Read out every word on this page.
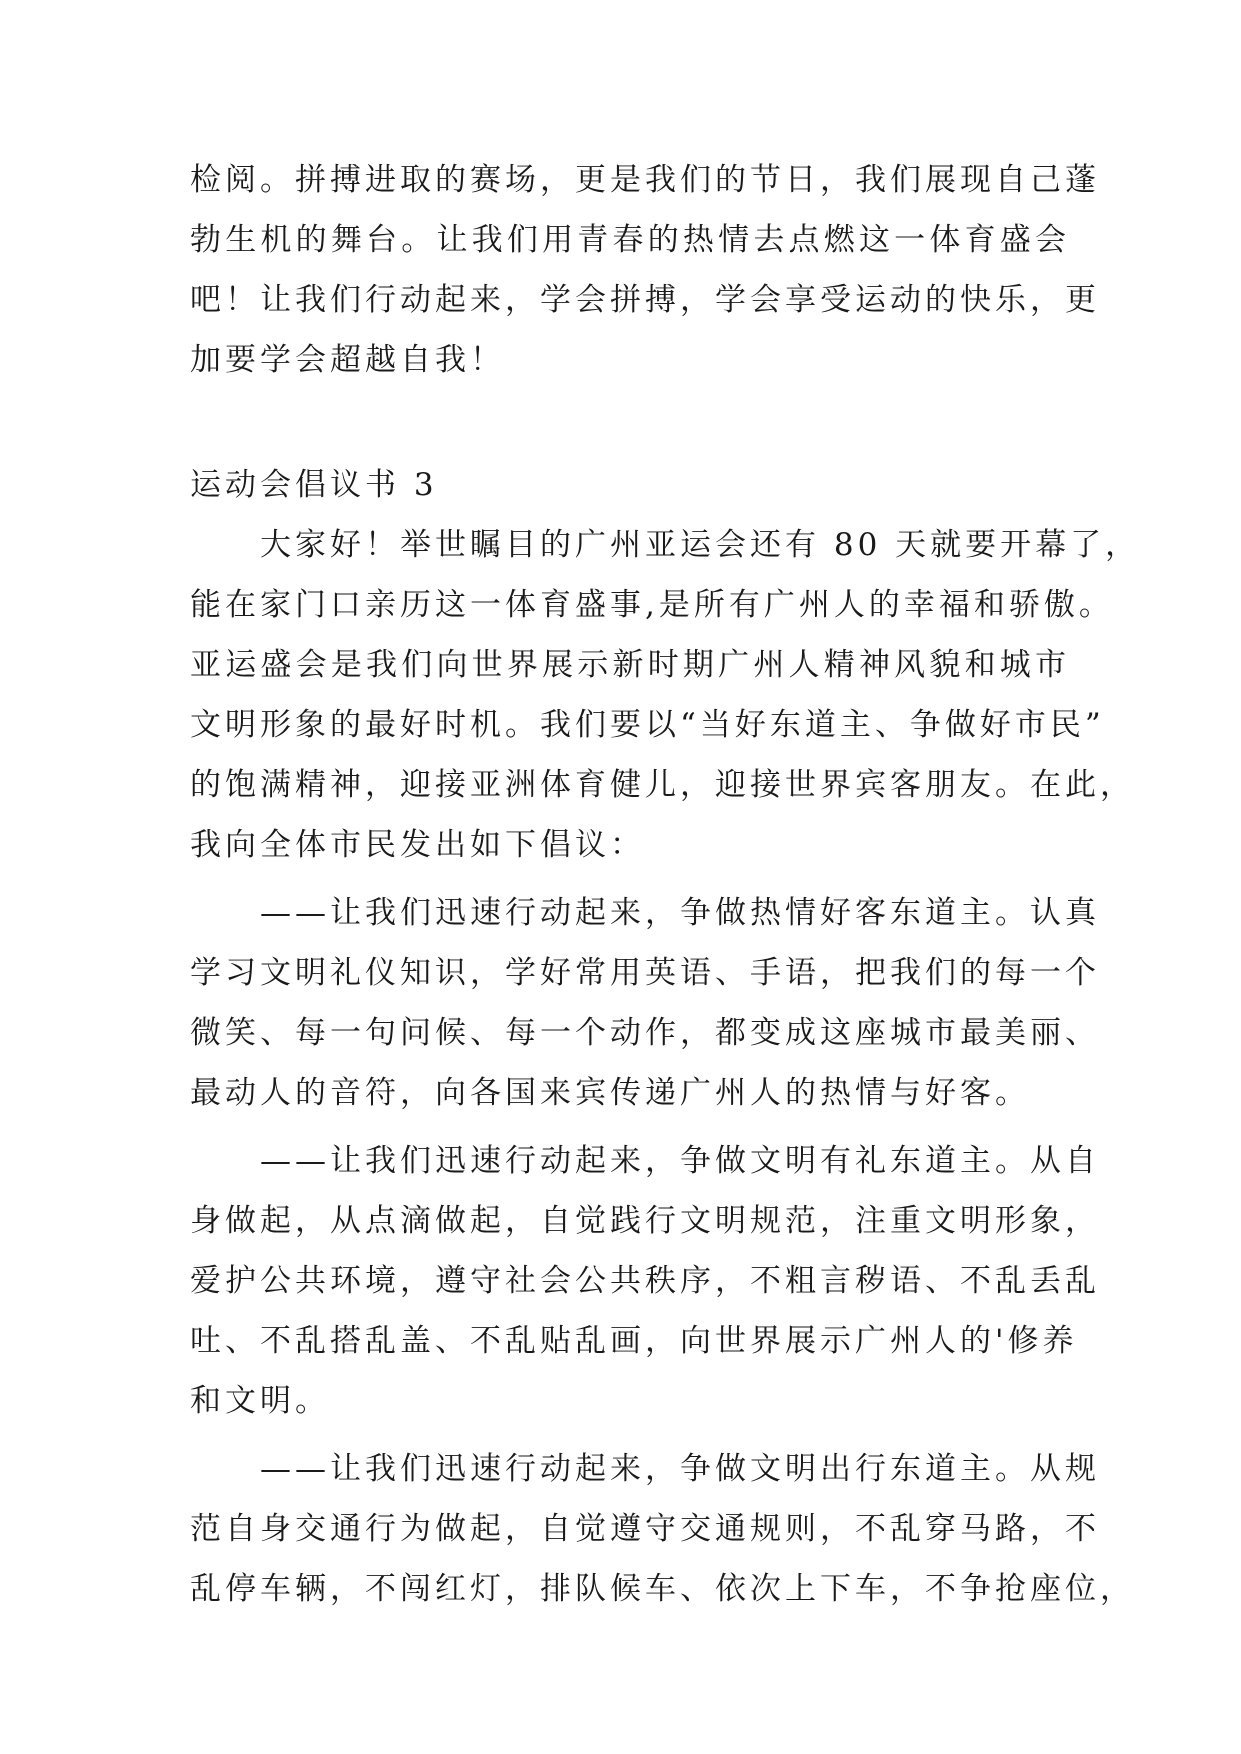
检阅。拼搏进取的赛场，更是我们的节日，我们展现自己蓬
勃生机的舞台。让我们用青春的热情去点燃这一体育盛会
吧！让我们行动起来，学会拼搏，学会享受运动的快乐，更
加要学会超越自我！
运动会倡议书 3
大家好！举世瞩目的广州亚运会还有 80 天就要开幕了，
能在家门口亲历这一体育盛事,是所有广州人的幸福和骄傲。
亚运盛会是我们向世界展示新时期广州人精神风貌和城市
文明形象的最好时机。我们要以“当好东道主、争做好市民”
的饱满精神，迎接亚洲体育健儿，迎接世界宾客朋友。在此，
我向全体市民发出如下倡议：
——让我们迅速行动起来，争做热情好客东道主。认真
学习文明礼仪知识，学好常用英语、手语，把我们的每一个
微笑、每一句问候、每一个动作，都变成这座城市最美丽、
最动人的音符，向各国来宾传递广州人的热情与好客。
——让我们迅速行动起来，争做文明有礼东道主。从自
身做起，从点滴做起，自觉践行文明规范，注重文明形象，
爱护公共环境，遵守社会公共秩序，不粗言秽语、不乱丢乱
吐、不乱搭乱盖、不乱贴乱画，向世界展示广州人的'修养
和文明。
——让我们迅速行动起来，争做文明出行东道主。从规
范自身交通行为做起，自觉遵守交通规则，不乱穿马路，不
乱停车辆，不闯红灯，排队候车、依次上下车，不争抢座位，
